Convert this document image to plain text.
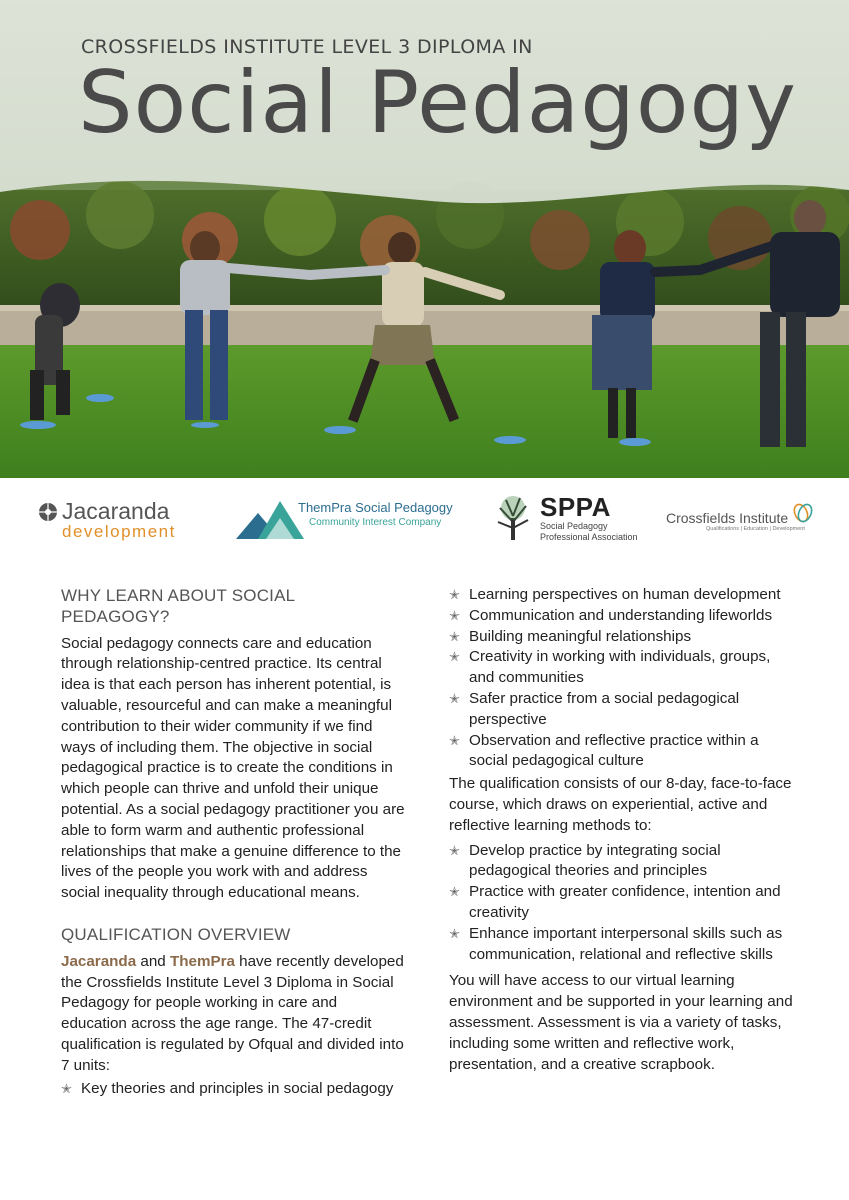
CROSSFIELDS INSTITUTE LEVEL 3 DIPLOMA IN
Social Pedagogy
Jacaranda
development
ThemPra Social Pedagogy
Community Interest Company
SPPA
Social Pedagogy
Professional Association
Crossfields Institute
Qualifications | Education | Development
WHY LEARN ABOUT SOCIAL PEDAGOGY?

Social pedagogy connects care and education through relationship-centred practice. Its central idea is that each person has inherent potential, is valuable, resourceful and can make a meaningful contribution to their wider community if we find ways of including them. The objective in social pedagogical practice is to create the conditions in which people can thrive and unfold their unique potential. As a social pedagogy practitioner you are able to form warm and authentic professional relationships that make a genuine difference to the lives of the people you work with and address social inequality through educational means.

QUALIFICATION OVERVIEW

Jacaranda and ThemPra have recently developed the Crossfields Institute Level 3 Diploma in Social Pedagogy for people working in care and education across the age range. The 47-credit qualification is regulated by Ofqual and divided into 7 units:

✭ Key theories and principles in social pedagogy
✭ Learning perspectives on human development
✭ Communication and understanding lifeworlds
✭ Building meaningful relationships
✭ Creativity in working with individuals, groups, and communities
✭ Safer practice from a social pedagogical perspective
✭ Observation and reflective practice within a social pedagogical culture

The qualification consists of our 8-day, face-to-face course, which draws on experiential, active and reflective learning methods to:

✭ Develop practice by integrating social pedagogical theories and principles
✭ Practice with greater confidence, intention and creativity
✭ Enhance important interpersonal skills such as communication, relational and reflective skills

You will have access to our virtual learning environment and be supported in your learning and assessment. Assessment is via a variety of tasks, including some written and reflective work, presentation, and a creative scrapbook.
